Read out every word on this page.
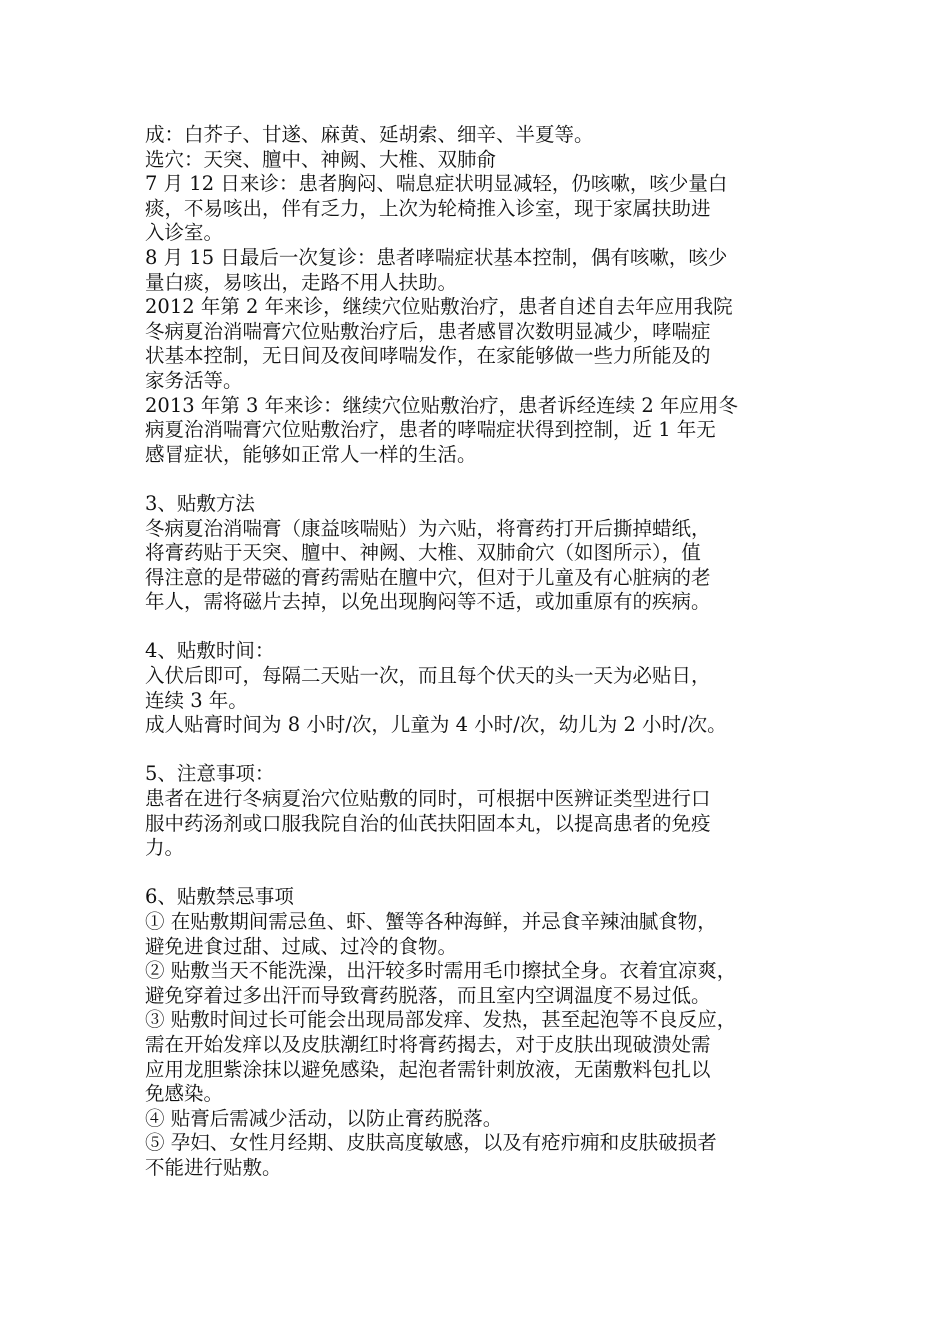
成：白芥子、甘遂、麻黄、延胡索、细辛、半夏等。
选穴：天突、膻中、神阙、大椎、双肺俞
7 月 12 日来诊：患者胸闷、喘息症状明显减轻，仍咳嗽，咳少量白
痰，不易咳出，伴有乏力，上次为轮椅推入诊室，现于家属扶助进
入诊室。
8 月 15 日最后一次复诊：患者哮喘症状基本控制，偶有咳嗽，咳少
量白痰，易咳出，走路不用人扶助。
2012 年第 2 年来诊，继续穴位贴敷治疗，患者自述自去年应用我院
冬病夏治消喘膏穴位贴敷治疗后，患者感冒次数明显减少，哮喘症
状基本控制，无日间及夜间哮喘发作，在家能够做一些力所能及的
家务活等。
2013 年第 3 年来诊：继续穴位贴敷治疗，患者诉经连续 2 年应用冬
病夏治消喘膏穴位贴敷治疗，患者的哮喘症状得到控制，近 1 年无
感冒症状，能够如正常人一样的生活。
3、贴敷方法
冬病夏治消喘膏（康益咳喘贴）为六贴，将膏药打开后撕掉蜡纸，
将膏药贴于天突、膻中、神阙、大椎、双肺俞穴（如图所示），值
得注意的是带磁的膏药需贴在膻中穴，但对于儿童及有心脏病的老
年人，需将磁片去掉，以免出现胸闷等不适，或加重原有的疾病。
4、贴敷时间：
入伏后即可，每隔二天贴一次，而且每个伏天的头一天为必贴日，
连续 3 年。
成人贴膏时间为 8 小时/次，儿童为 4 小时/次，幼儿为 2 小时/次。
5、注意事项：
患者在进行冬病夏治穴位贴敷的同时，可根据中医辨证类型进行口
服中药汤剂或口服我院自治的仙芪扶阳固本丸，以提高患者的免疫
力。
6、贴敷禁忌事项
① 在贴敷期间需忌鱼、虾、蟹等各种海鲜，并忌食辛辣油腻食物，
避免进食过甜、过咸、过冷的食物。
② 贴敷当天不能洗澡，出汗较多时需用毛巾擦拭全身。衣着宜凉爽，
避免穿着过多出汗而导致膏药脱落，而且室内空调温度不易过低。
③ 贴敷时间过长可能会出现局部发痒、发热，甚至起泡等不良反应，
需在开始发痒以及皮肤潮红时将膏药揭去，对于皮肤出现破溃处需
应用龙胆紫涂抹以避免感染，起泡者需针刺放液，无菌敷料包扎以
免感染。
④ 贴膏后需减少活动，以防止膏药脱落。
⑤ 孕妇、女性月经期、皮肤高度敏感，以及有疮疖痈和皮肤破损者
不能进行贴敷。
